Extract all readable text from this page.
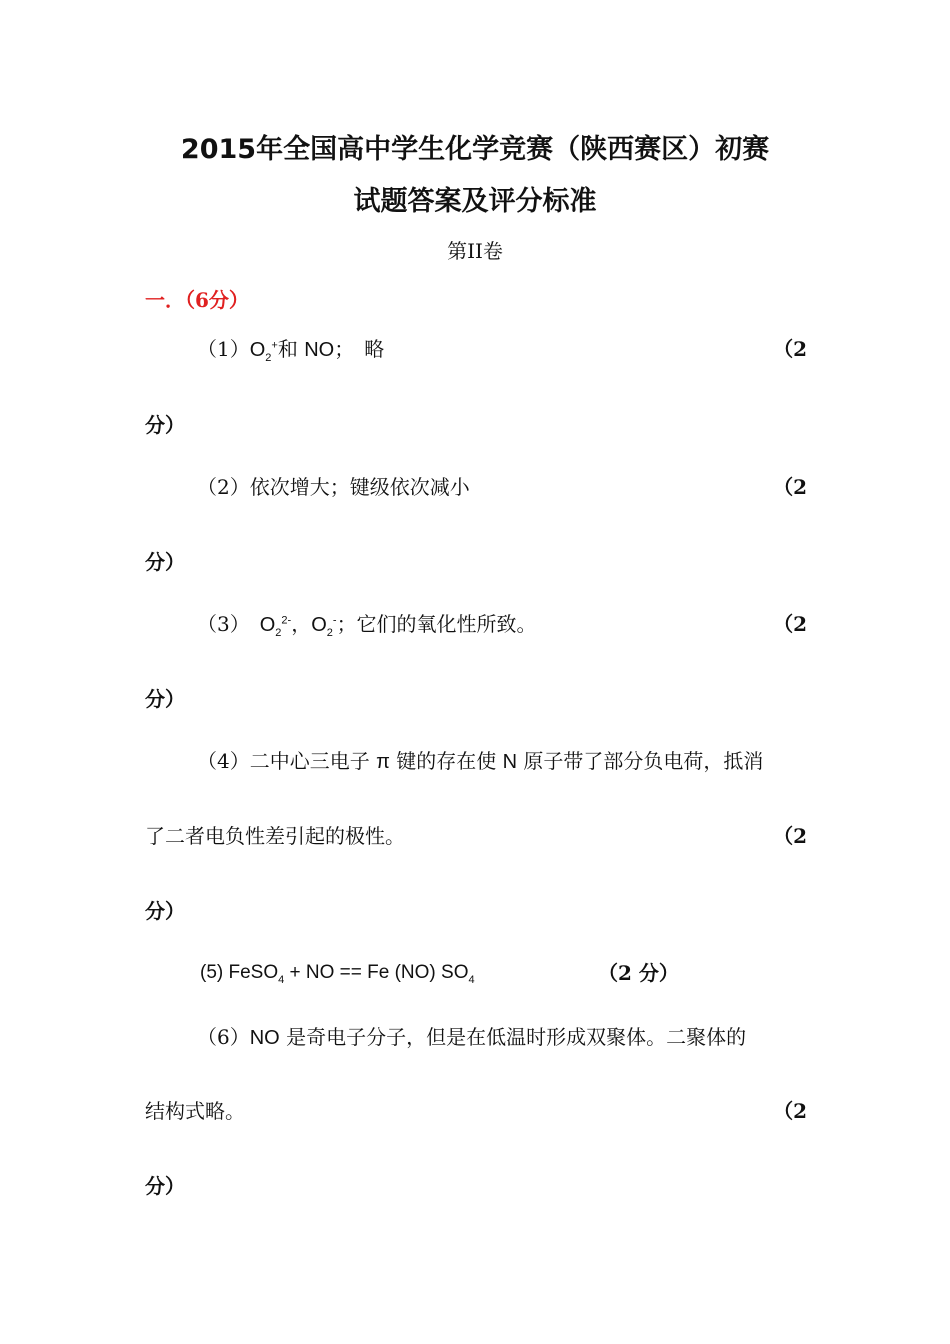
2015年全国高中学生化学竞赛（陕西赛区）初赛
试题答案及评分标准
第II卷
一．（6分）
$(1)O_2^+$和 NO；　略	（2
分）
（2）依次增大；键级依次减小	（2
分）
（3）　$O_2^{2-}$，$O_2^-$；它们的氧化性所致。	（2
分）
（4）二中心三电子 π 键的存在使 N 原子带了部分负电荷，抵消
了二者电负性差引起的极性。	（2
分）
(5) FeSO$_4$ + NO == Fe (NO) $SO_4$	（2 分）
（6）NO 是奇电子分子，但是在低温时形成双聚体。二聚体的
结构式略。	（2
分）
